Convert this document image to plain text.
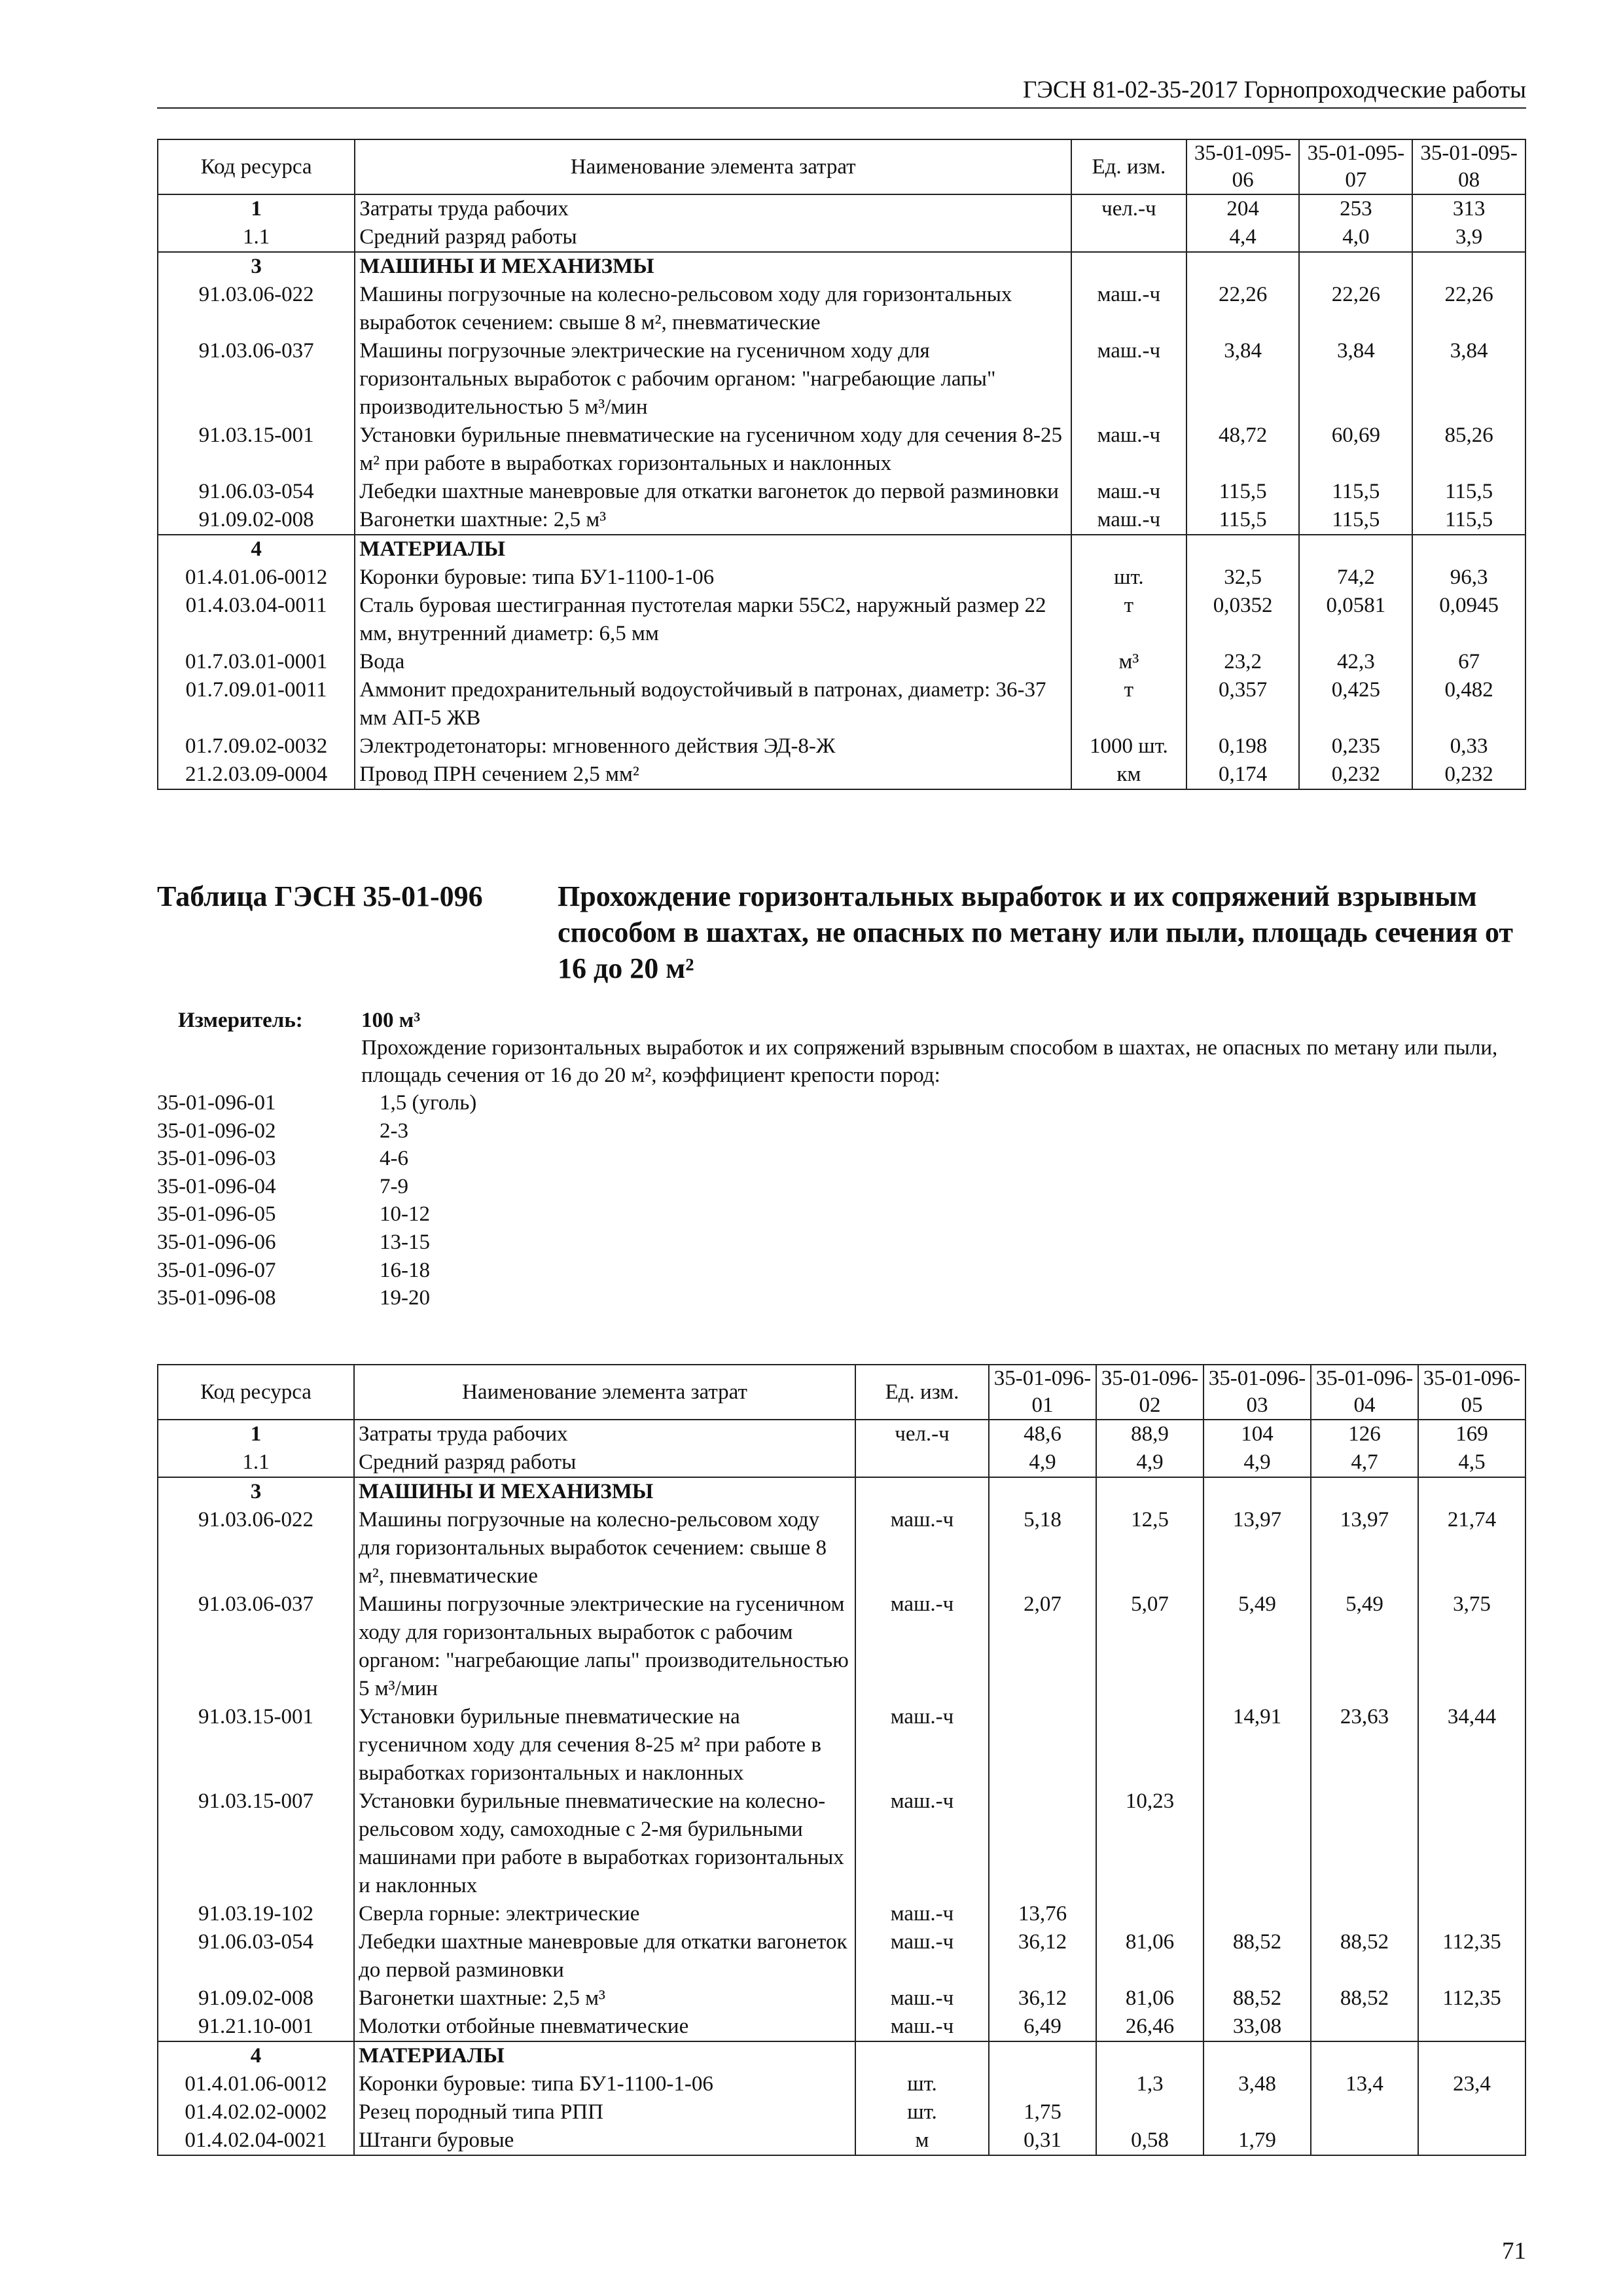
ГЭСН 81-02-35-2017 Горнопроходческие работы
Код ресурса	Наименование элемента затрат	Ед. изм.	35-01-095-06	35-01-095-07	35-01-095-08
1	Затраты труда рабочих	чел.-ч	204	253	313
1.1	Средний разряд работы		4,4	4,0	3,9
3	МАШИНЫ И МЕХАНИЗМЫ				
91.03.06-022	Машины погрузочные на колесно-рельсовом ходу для горизонтальных выработок сечением: свыше 8 м², пневматические	маш.-ч	22,26	22,26	22,26
91.03.06-037	Машины погрузочные электрические на гусеничном ходу для горизонтальных выработок с рабочим органом: "нагребающие лапы" производительностью 5 м³/мин	маш.-ч	3,84	3,84	3,84
91.03.15-001	Установки бурильные пневматические на гусеничном ходу для сечения 8-25 м² при работе в выработках горизонтальных и наклонных	маш.-ч	48,72	60,69	85,26
91.06.03-054	Лебедки шахтные маневровые для откатки вагонеток до первой разминовки	маш.-ч	115,5	115,5	115,5
91.09.02-008	Вагонетки шахтные: 2,5 м³	маш.-ч	115,5	115,5	115,5
4	МАТЕРИАЛЫ				
01.4.01.06-0012	Коронки буровые: типа БУ1-1100-1-06	шт.	32,5	74,2	96,3
01.4.03.04-0011	Сталь буровая шестигранная пустотелая марки 55С2, наружный размер 22 мм, внутренний диаметр: 6,5 мм	т	0,0352	0,0581	0,0945
01.7.03.01-0001	Вода	м³	23,2	42,3	67
01.7.09.01-0011	Аммонит предохранительный водоустойчивый в патронах, диаметр: 36-37 мм АП-5 ЖВ	т	0,357	0,425	0,482
01.7.09.02-0032	Электродетонаторы: мгновенного действия ЭД-8-Ж	1000 шт.	0,198	0,235	0,33
21.2.03.09-0004	Провод ПРН сечением 2,5 мм²	км	0,174	0,232	0,232
Таблица ГЭСН 35-01-096	Прохождение горизонтальных выработок и их сопряжений взрывным способом в шахтах, не опасных по метану или пыли, площадь сечения от 16 до 20 м²
Измеритель:	100 м³
Прохождение горизонтальных выработок и их сопряжений взрывным способом в шахтах, не опасных по метану или пыли, площадь сечения от 16 до 20 м², коэффициент крепости пород:
35-01-096-01	1,5 (уголь)
35-01-096-02	2-3
35-01-096-03	4-6
35-01-096-04	7-9
35-01-096-05	10-12
35-01-096-06	13-15
35-01-096-07	16-18
35-01-096-08	19-20
Код ресурса	Наименование элемента затрат	Ед. изм.	35-01-096-01	35-01-096-02	35-01-096-03	35-01-096-04	35-01-096-05
1	Затраты труда рабочих	чел.-ч	48,6	88,9	104	126	169
1.1	Средний разряд работы		4,9	4,9	4,9	4,7	4,5
3	МАШИНЫ И МЕХАНИЗМЫ						
91.03.06-022	Машины погрузочные на колесно-рельсовом ходу для горизонтальных выработок сечением: свыше 8 м², пневматические	маш.-ч	5,18	12,5	13,97	13,97	21,74
91.03.06-037	Машины погрузочные электрические на гусеничном ходу для горизонтальных выработок с рабочим органом: "нагребающие лапы" производительностью 5 м³/мин	маш.-ч	2,07	5,07	5,49	5,49	3,75
91.03.15-001	Установки бурильные пневматические на гусеничном ходу для сечения 8-25 м² при работе в выработках горизонтальных и наклонных	маш.-ч			14,91	23,63	34,44
91.03.15-007	Установки бурильные пневматические на колесно-рельсовом ходу, самоходные с 2-мя бурильными машинами при работе в выработках горизонтальных и наклонных	маш.-ч		10,23			
91.03.19-102	Сверла горные: электрические	маш.-ч	13,76				
91.06.03-054	Лебедки шахтные маневровые для откатки вагонеток до первой разминовки	маш.-ч	36,12	81,06	88,52	88,52	112,35
91.09.02-008	Вагонетки шахтные: 2,5 м³	маш.-ч	36,12	81,06	88,52	88,52	112,35
91.21.10-001	Молотки отбойные пневматические	маш.-ч	6,49	26,46	33,08		
4	МАТЕРИАЛЫ						
01.4.01.06-0012	Коронки буровые: типа БУ1-1100-1-06	шт.		1,3	3,48	13,4	23,4
01.4.02.02-0002	Резец породный типа РПП	шт.	1,75				
01.4.02.04-0021	Штанги буровые	м	0,31	0,58	1,79		
71
